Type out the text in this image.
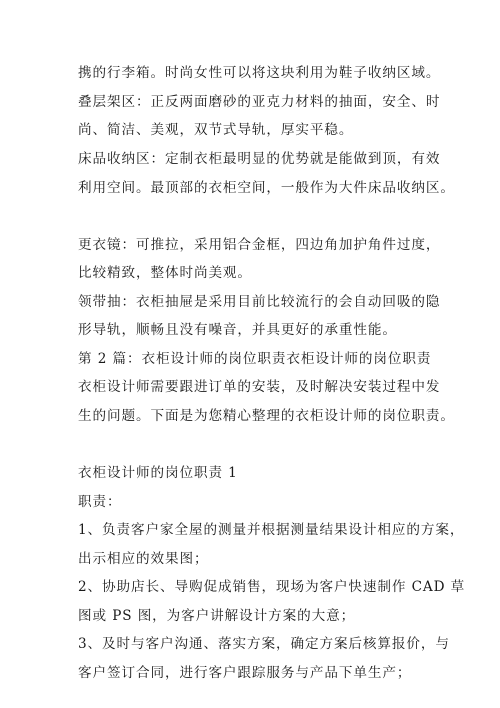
携的行李箱。时尚女性可以将这块利用为鞋子收纳区域。
叠层架区：正反两面磨砂的亚克力材料的抽面，安全、时
尚、简洁、美观，双节式导轨，厚实平稳。
床品收纳区：定制衣柜最明显的优势就是能做到顶，有效
利用空间。最顶部的衣柜空间，一般作为大件床品收纳区。
更衣镜：可推拉，采用铝合金框，四边角加护角件过度，
比较精致，整体时尚美观。
领带抽：衣柜抽屉是采用目前比较流行的会自动回吸的隐
形导轨，顺畅且没有噪音，并具更好的承重性能。
第 2 篇：衣柜设计师的岗位职责衣柜设计师的岗位职责
衣柜设计师需要跟进订单的安装，及时解决安装过程中发
生的问题。下面是为您精心整理的衣柜设计师的岗位职责。
衣柜设计师的岗位职责 1
职责：
1、负责客户家全屋的测量并根据测量结果设计相应的方案，
出示相应的效果图；
2、协助店长、导购促成销售，现场为客户快速制作 CAD 草
图或 PS 图，为客户讲解设计方案的大意；
3、及时与客户沟通、落实方案，确定方案后核算报价，与
客户签订合同，进行客户跟踪服务与产品下单生产；
